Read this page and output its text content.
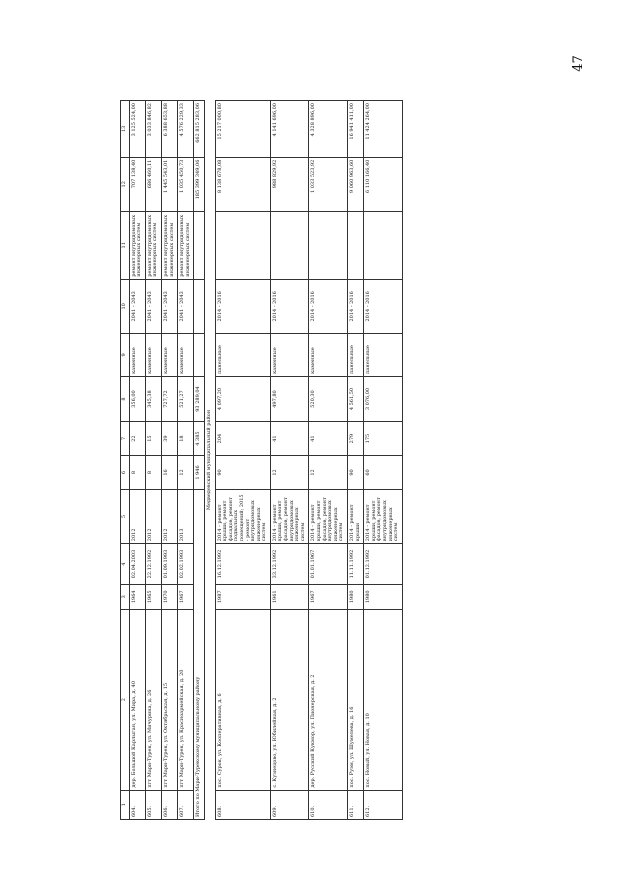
47
1	2	3	4	5	6	7	8	9	10	11	12	13
604.	дер. Большой Карлыган, ул. Мира, д. 40	1964	02.04.2003	2012	8	22	356,00	каменные	2041 - 2043	ремонт внутридомовых инженерных систем	707 138,40	3 125 524,00
605.	пгт Мари-Турек, ул. Мичурина, д. 26	1965	22.12.1992	2012	8	15	345,38	каменные	2041 - 2043	ремонт внутридомовых инженерных систем	686 460,11	3 033 846,82
606.	пгт Мари-Турек, ул. Октябрьская, д. 15	1970	01.09.1993	2012	16	39	727,72	каменные	2041 - 2043	ремонт внутридомовых инженерных систем	1 445 543,01	6 388 653,88
607.	пгт Мари-Турек, ул. Красноармейская, д. 20	1967	02.02.1993	2013	12	18	521,27	каменные	2041 - 2043	ремонт внутридомовых инженерных систем	1 035 450,73	4 576 229,33
Итого по Мари-Турекскому муниципальному району					1 946	4 385	93 289,04				185 399 349,06	662 815 283,06
Медведевский муниципальный район												
608.	пос. Сурок, ул. Кооперативная, д. 6	1987	16.12.1992	2014 - ремонт крыши, ремонт фасадов, ремонт подвальных помещений; 2015 - ремонт внутридомовых инженерных систем	90	204	4 097,20	панельные	2014 - 2016		8 138 678,08	15 217 000,80
609.	с. Кузнецово, ул. Юбилейная, д. 2	1961	33.12.1992	2014 - ремонт крыши, ремонт фасадов, ремонт внутридомовых инженерных систем	12	41	497,80	каменные	2014 - 2016		988 829,92	4 141 696,00
610.	дер. Русский Кукмор, ул. Пионерская, д. 2	1967	01.01.1967	2014 - ремонт крыши, ремонт фасадов, ремонт внутридомовых инженерных систем	12	41	520,30	каменные	2014 - 2016		1 033 523,92	4 328 896,00
611.	пос. Руэм, ул. Шумелева, д. 16	1980	11.11.1992	2014 - ремонт крыши	90	279	4 561,50	панельные	2014 - 2016		9 060 963,60	16 941 411,00
612.	пос. Новый, ул. Новая, д. 10	1980	01.12.1992	2014 - ремонт крыши, ремонт фасадов, ремонт внутридомовых инженерных систем	60	175	3 076,00	панельные	2014 - 2016		6 110 166,40	11 424 264,00
